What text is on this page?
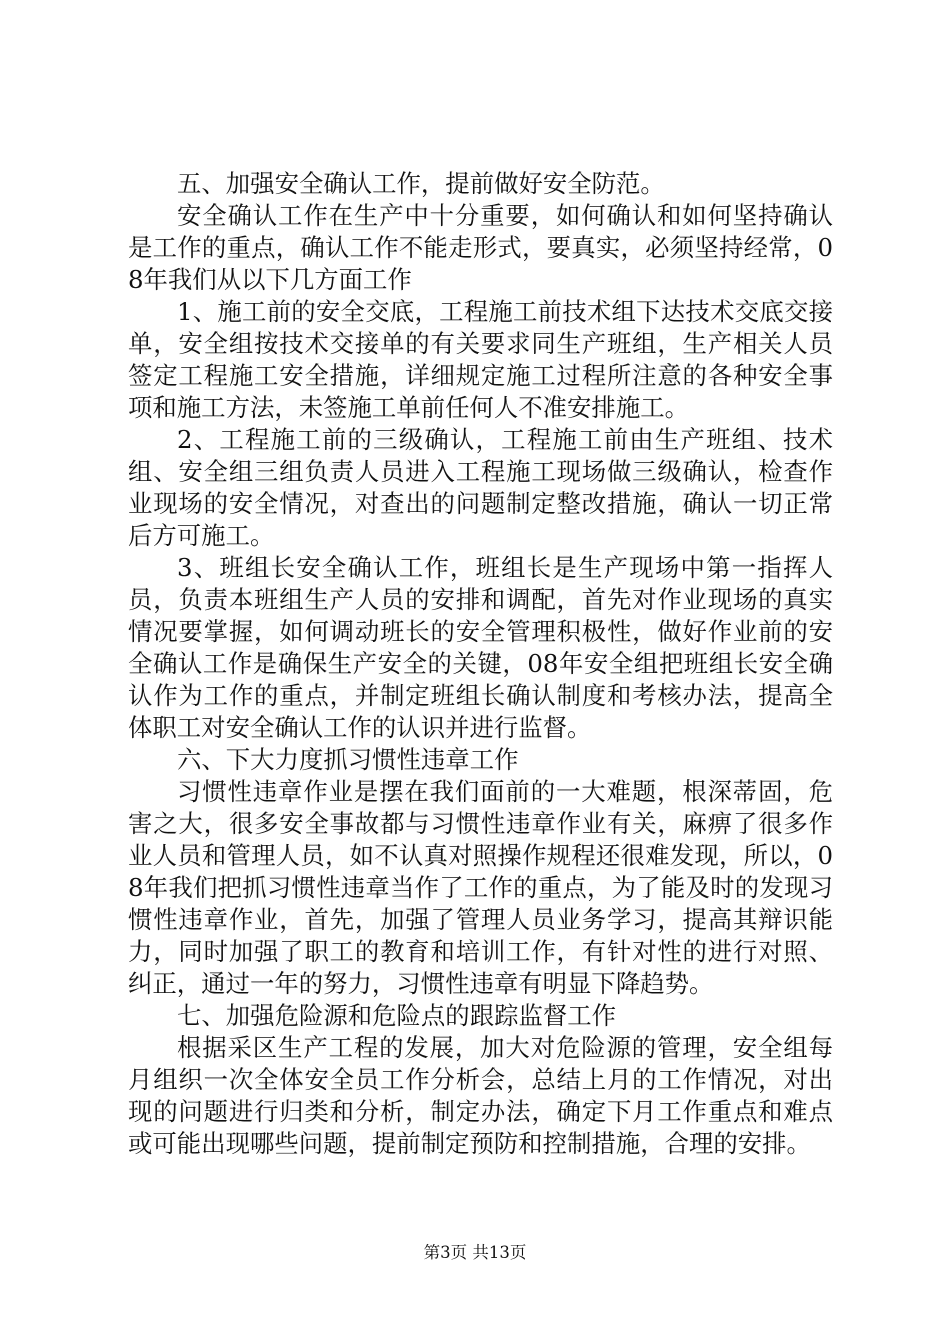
五、加强安全确认工作，提前做好安全防范。

安全确认工作在生产中十分重要，如何确认和如何坚持确认是工作的重点，确认工作不能走形式，要真实，必须坚持经常，08年我们从以下几方面工作

1、施工前的安全交底，工程施工前技术组下达技术交底交接单，安全组按技术交接单的有关要求同生产班组，生产相关人员签定工程施工安全措施，详细规定施工过程所注意的各种安全事项和施工方法，未签施工单前任何人不准安排施工。

2、工程施工前的三级确认，工程施工前由生产班组、技术组、安全组三组负责人员进入工程施工现场做三级确认，检查作业现场的安全情况，对查出的问题制定整改措施，确认一切正常后方可施工。

3、班组长安全确认工作，班组长是生产现场中第一指挥人员，负责本班组生产人员的安排和调配，首先对作业现场的真实情况要掌握，如何调动班长的安全管理积极性，做好作业前的安全确认工作是确保生产安全的关键，08年安全组把班组长安全确认作为工作的重点，并制定班组长确认制度和考核办法，提高全体职工对安全确认工作的认识并进行监督。

六、下大力度抓习惯性违章工作

习惯性违章作业是摆在我们面前的一大难题，根深蒂固，危害之大，很多安全事故都与习惯性违章作业有关，麻痹了很多作业人员和管理人员，如不认真对照操作规程还很难发现，所以，08年我们把抓习惯性违章当作了工作的重点，为了能及时的发现习惯性违章作业，首先，加强了管理人员业务学习，提高其辩识能力，同时加强了职工的教育和培训工作，有针对性的进行对照、纠正，通过一年的努力，习惯性违章有明显下降趋势。

七、加强危险源和危险点的跟踪监督工作

根据采区生产工程的发展，加大对危险源的管理，安全组每月组织一次全体安全员工作分析会，总结上月的工作情况，对出现的问题进行归类和分析，制定办法，确定下月工作重点和难点或可能出现哪些问题，提前制定预防和控制措施，合理的安排。

第3页 共13页
